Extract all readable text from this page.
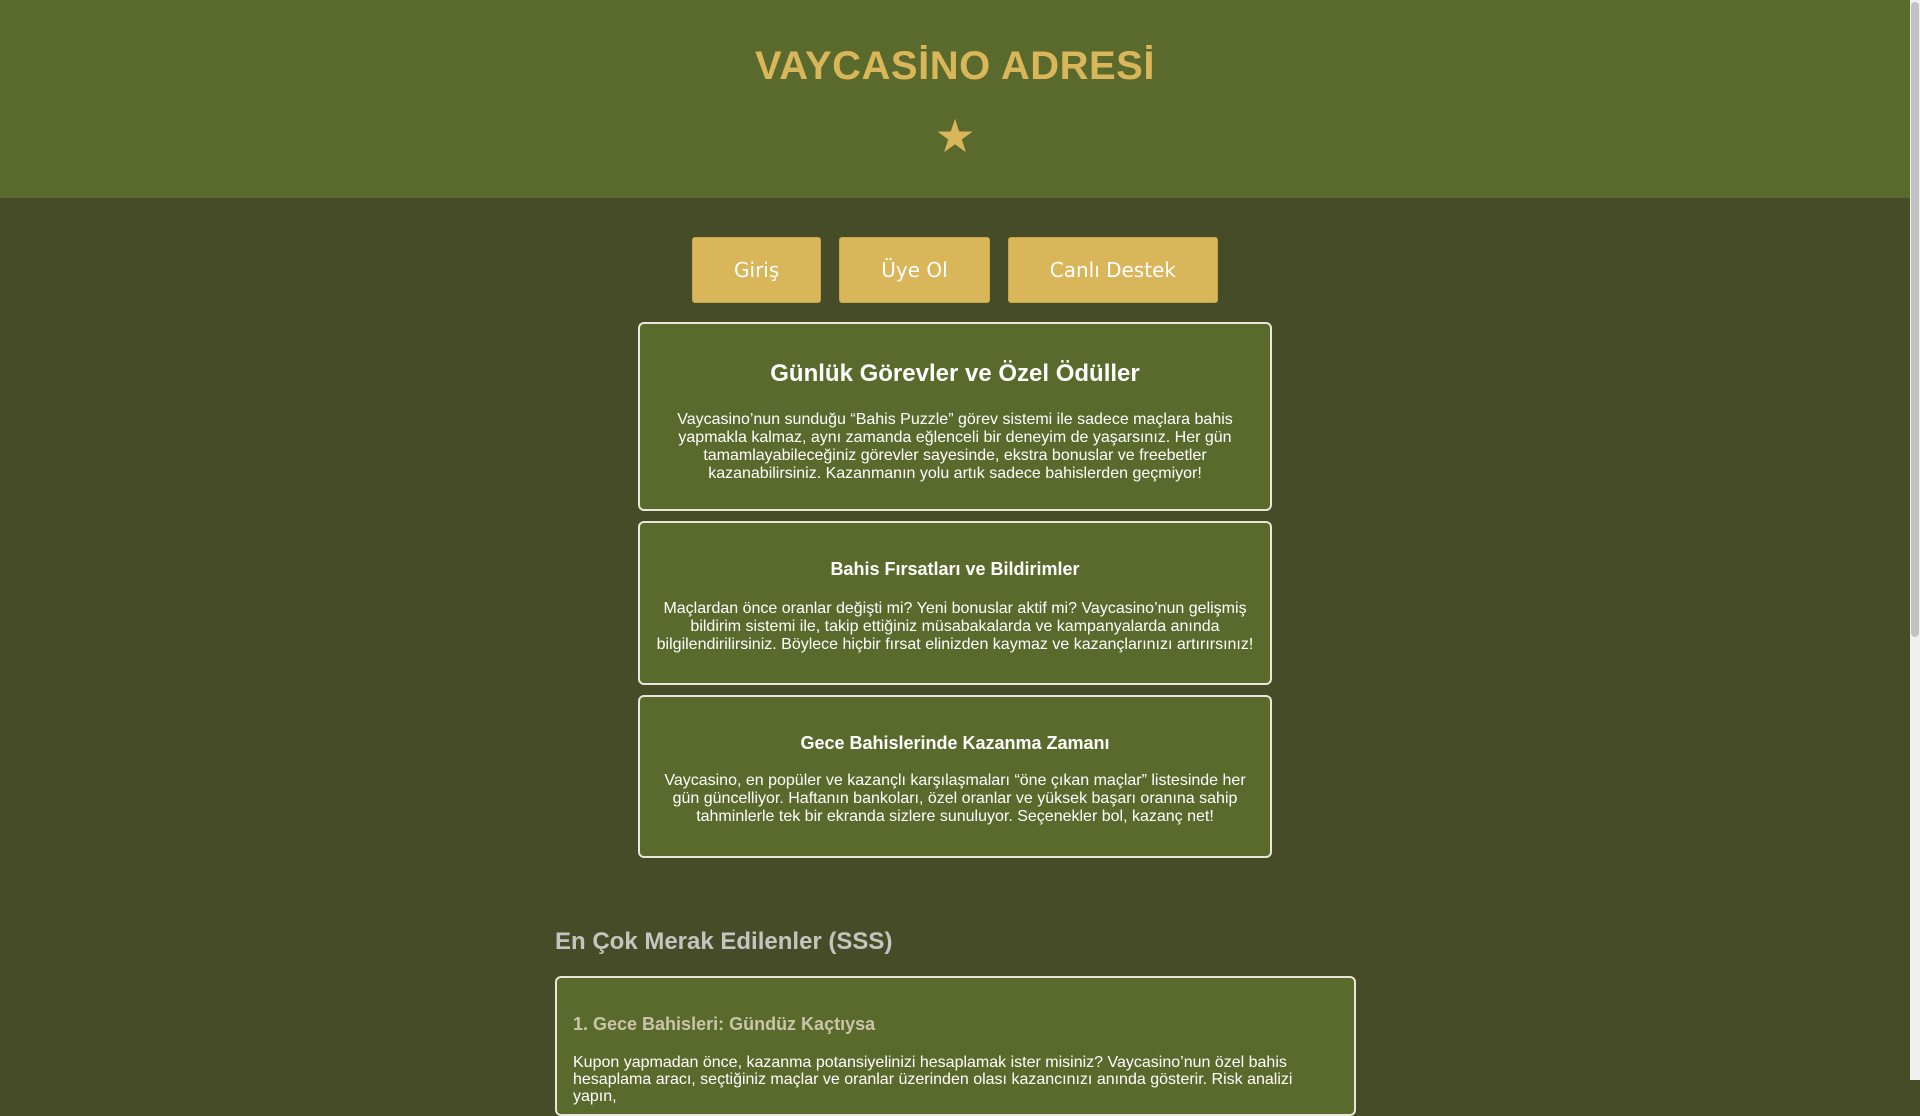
VAYCASİNO ADRESİ
★
Giriş	Üye Ol	Canlı Destek
Günlük Görevler ve Özel Ödüller

Vaycasino’nun sunduğu “Bahis Puzzle” görev sistemi ile sadece maçlara bahis yapmakla kalmaz, aynı zamanda eğlenceli bir deneyim de yaşarsınız. Her gün tamamlayabileceğiniz görevler sayesinde, ekstra bonuslar ve freebetler kazanabilirsiniz. Kazanmanın yolu artık sadece bahislerden geçmiyor!

Bahis Fırsatları ve Bildirimler

Maçlardan önce oranlar değişti mi? Yeni bonuslar aktif mi? Vaycasino’nun gelişmiş bildirim sistemi ile, takip ettiğiniz müsabakalarda ve kampanyalarda anında bilgilendirilirsiniz. Böylece hiçbir fırsat elinizden kaymaz ve kazançlarınızı artırırsınız!

Gece Bahislerinde Kazanma Zamanı

Vaycasino, en popüler ve kazançlı karşılaşmaları “öne çıkan maçlar” listesinde her gün güncelliyor. Haftanın bankoları, özel oranlar ve yüksek başarı oranına sahip tahminlerle tek bir ekranda sizlere sunuluyor. Seçenekler bol, kazanç net!

En Çok Merak Edilenler (SSS)
1. Gece Bahisleri: Gündüz Kaçtıysa

Kupon yapmadan önce, kazanma potansiyelinizi hesaplamak ister misiniz? Vaycasino’nun özel bahis hesaplama aracı, seçtiğiniz maçlar ve oranlar üzerinden olası kazancınızı anında gösterir. Risk analizi yapın,
